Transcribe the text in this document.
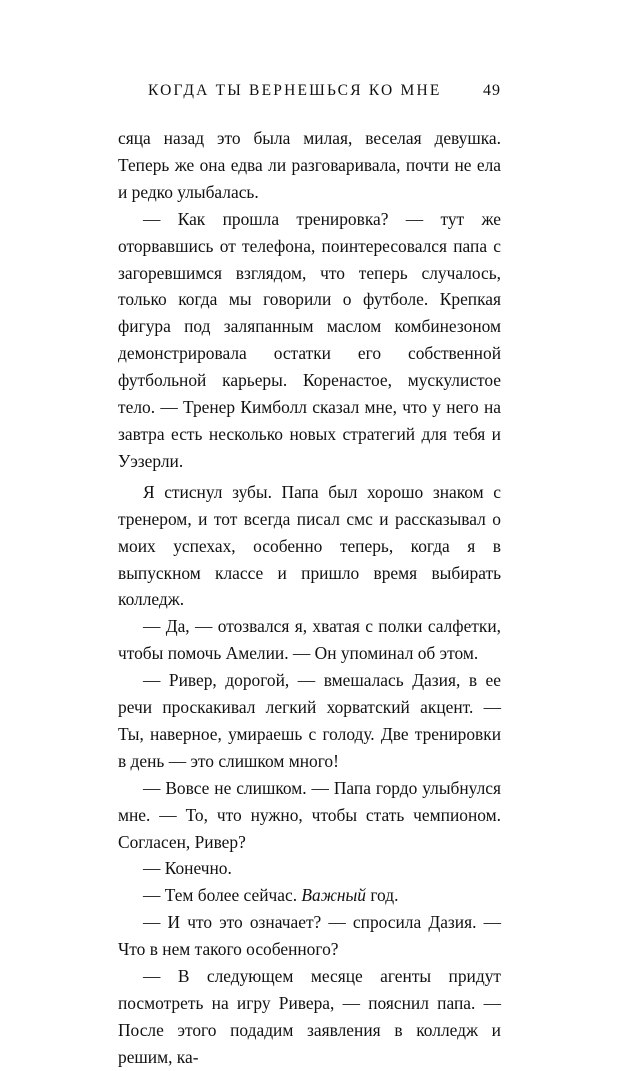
КОГДА ТЫ ВЕРНЕШЬСЯ КО МНЕ	49

сяца назад это была милая, веселая девушка. Теперь же она едва ли разговаривала, почти не ела и редко улыбалась.

— Как прошла тренировка? — тут же оторвавшись от телефона, поинтересовался папа с загоревшимся взглядом, что теперь случалось, только когда мы говорили о футболе. Крепкая фигура под заляпанным маслом комбинезоном демонстрировала остатки его собственной футбольной карьеры. Коренастое, мускулистое тело. — Тренер Кимболл сказал мне, что у него на завтра есть несколько новых стратегий для тебя и Уэзерли.

Я стиснул зубы. Папа был хорошо знаком с тренером, и тот всегда писал смс и рассказывал о моих успехах, особенно теперь, когда я в выпускном классе и пришло время выбирать колледж.

— Да, — отозвался я, хватая с полки салфетки, чтобы помочь Амелии. — Он упоминал об этом.

— Ривер, дорогой, — вмешалась Дазия, в ее речи проскакивал легкий хорватский акцент. — Ты, наверное, умираешь с голоду. Две тренировки в день — это слишком много!

— Вовсе не слишком. — Папа гордо улыбнулся мне. — То, что нужно, чтобы стать чемпионом. Согласен, Ривер?

— Конечно.

— Тем более сейчас. Важный год.

— И что это означает? — спросила Дазия. — Что в нем такого особенного?

— В следующем месяце агенты придут посмотреть на игру Ривера, — пояснил папа. — После этого подадим заявления в колледж и решим, ка-
